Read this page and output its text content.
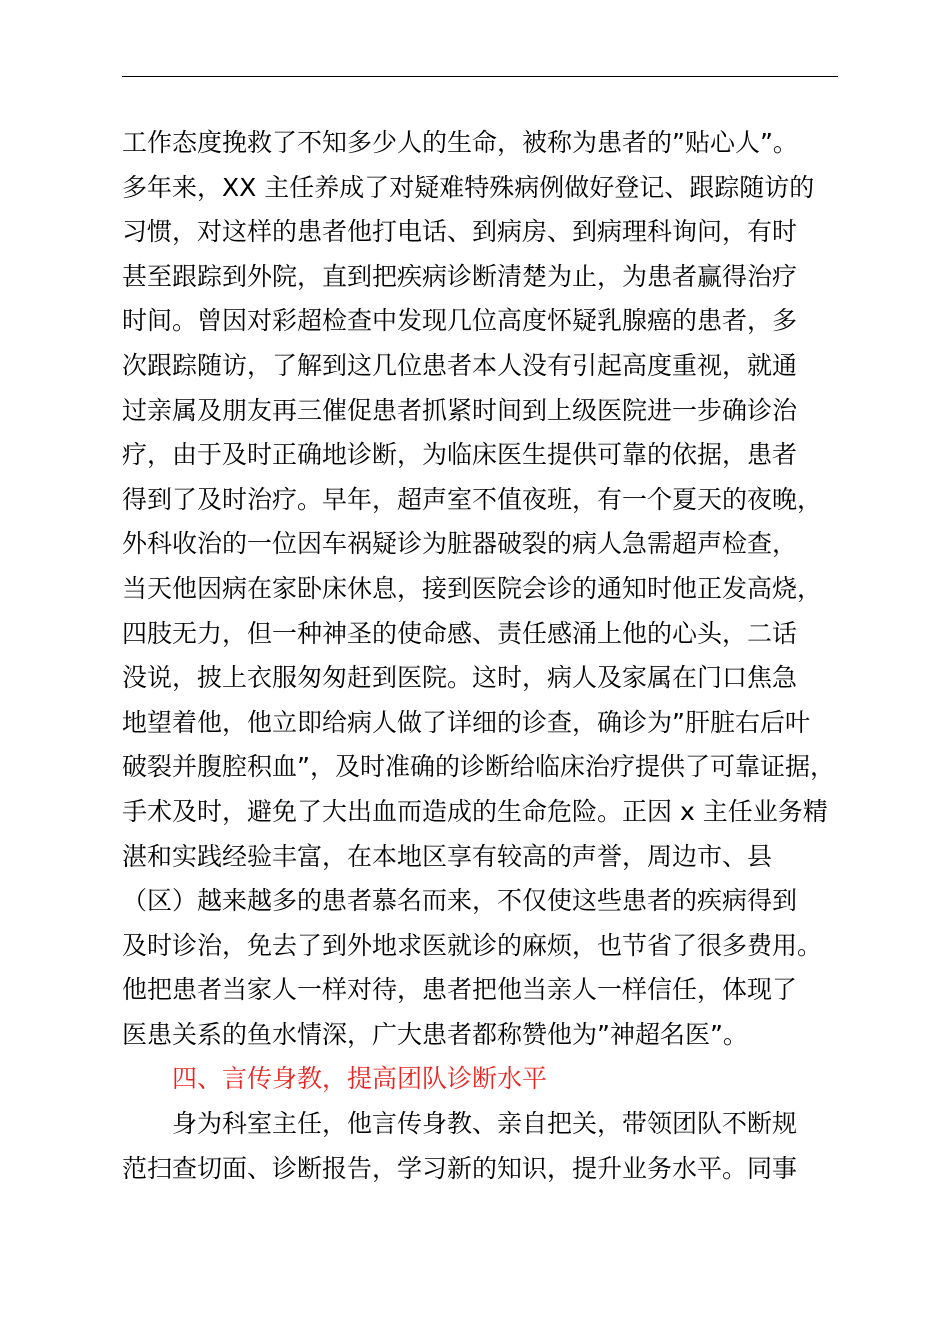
工作态度挽救了不知多少人的生命，被称为患者的”贴心人”。
多年来，XX 主任养成了对疑难特殊病例做好登记、跟踪随访的
习惯，对这样的患者他打电话、到病房、到病理科询问，有时
甚至跟踪到外院，直到把疾病诊断清楚为止，为患者赢得治疗
时间。曾因对彩超检查中发现几位高度怀疑乳腺癌的患者，多
次跟踪随访，了解到这几位患者本人没有引起高度重视，就通
过亲属及朋友再三催促患者抓紧时间到上级医院进一步确诊治
疗，由于及时正确地诊断，为临床医生提供可靠的依据，患者
得到了及时治疗。早年，超声室不值夜班，有一个夏天的夜晚，
外科收治的一位因车祸疑诊为脏器破裂的病人急需超声检查，
当天他因病在家卧床休息，接到医院会诊的通知时他正发高烧，
四肢无力，但一种神圣的使命感、责任感涌上他的心头，二话
没说，披上衣服匆匆赶到医院。这时，病人及家属在门口焦急
地望着他，他立即给病人做了详细的诊查，确诊为”肝脏右后叶
破裂并腹腔积血”，及时准确的诊断给临床治疗提供了可靠证据，
手术及时，避免了大出血而造成的生命危险。正因 x 主任业务精
湛和实践经验丰富，在本地区享有较高的声誉，周边市、县
（区）越来越多的患者慕名而来，不仅使这些患者的疾病得到
及时诊治，免去了到外地求医就诊的麻烦，也节省了很多费用。
他把患者当家人一样对待，患者把他当亲人一样信任，体现了
医患关系的鱼水情深，广大患者都称赞他为”神超名医”。
四、言传身教，提高团队诊断水平
身为科室主任，他言传身教、亲自把关，带领团队不断规
范扫查切面、诊断报告，学习新的知识，提升业务水平。同事
